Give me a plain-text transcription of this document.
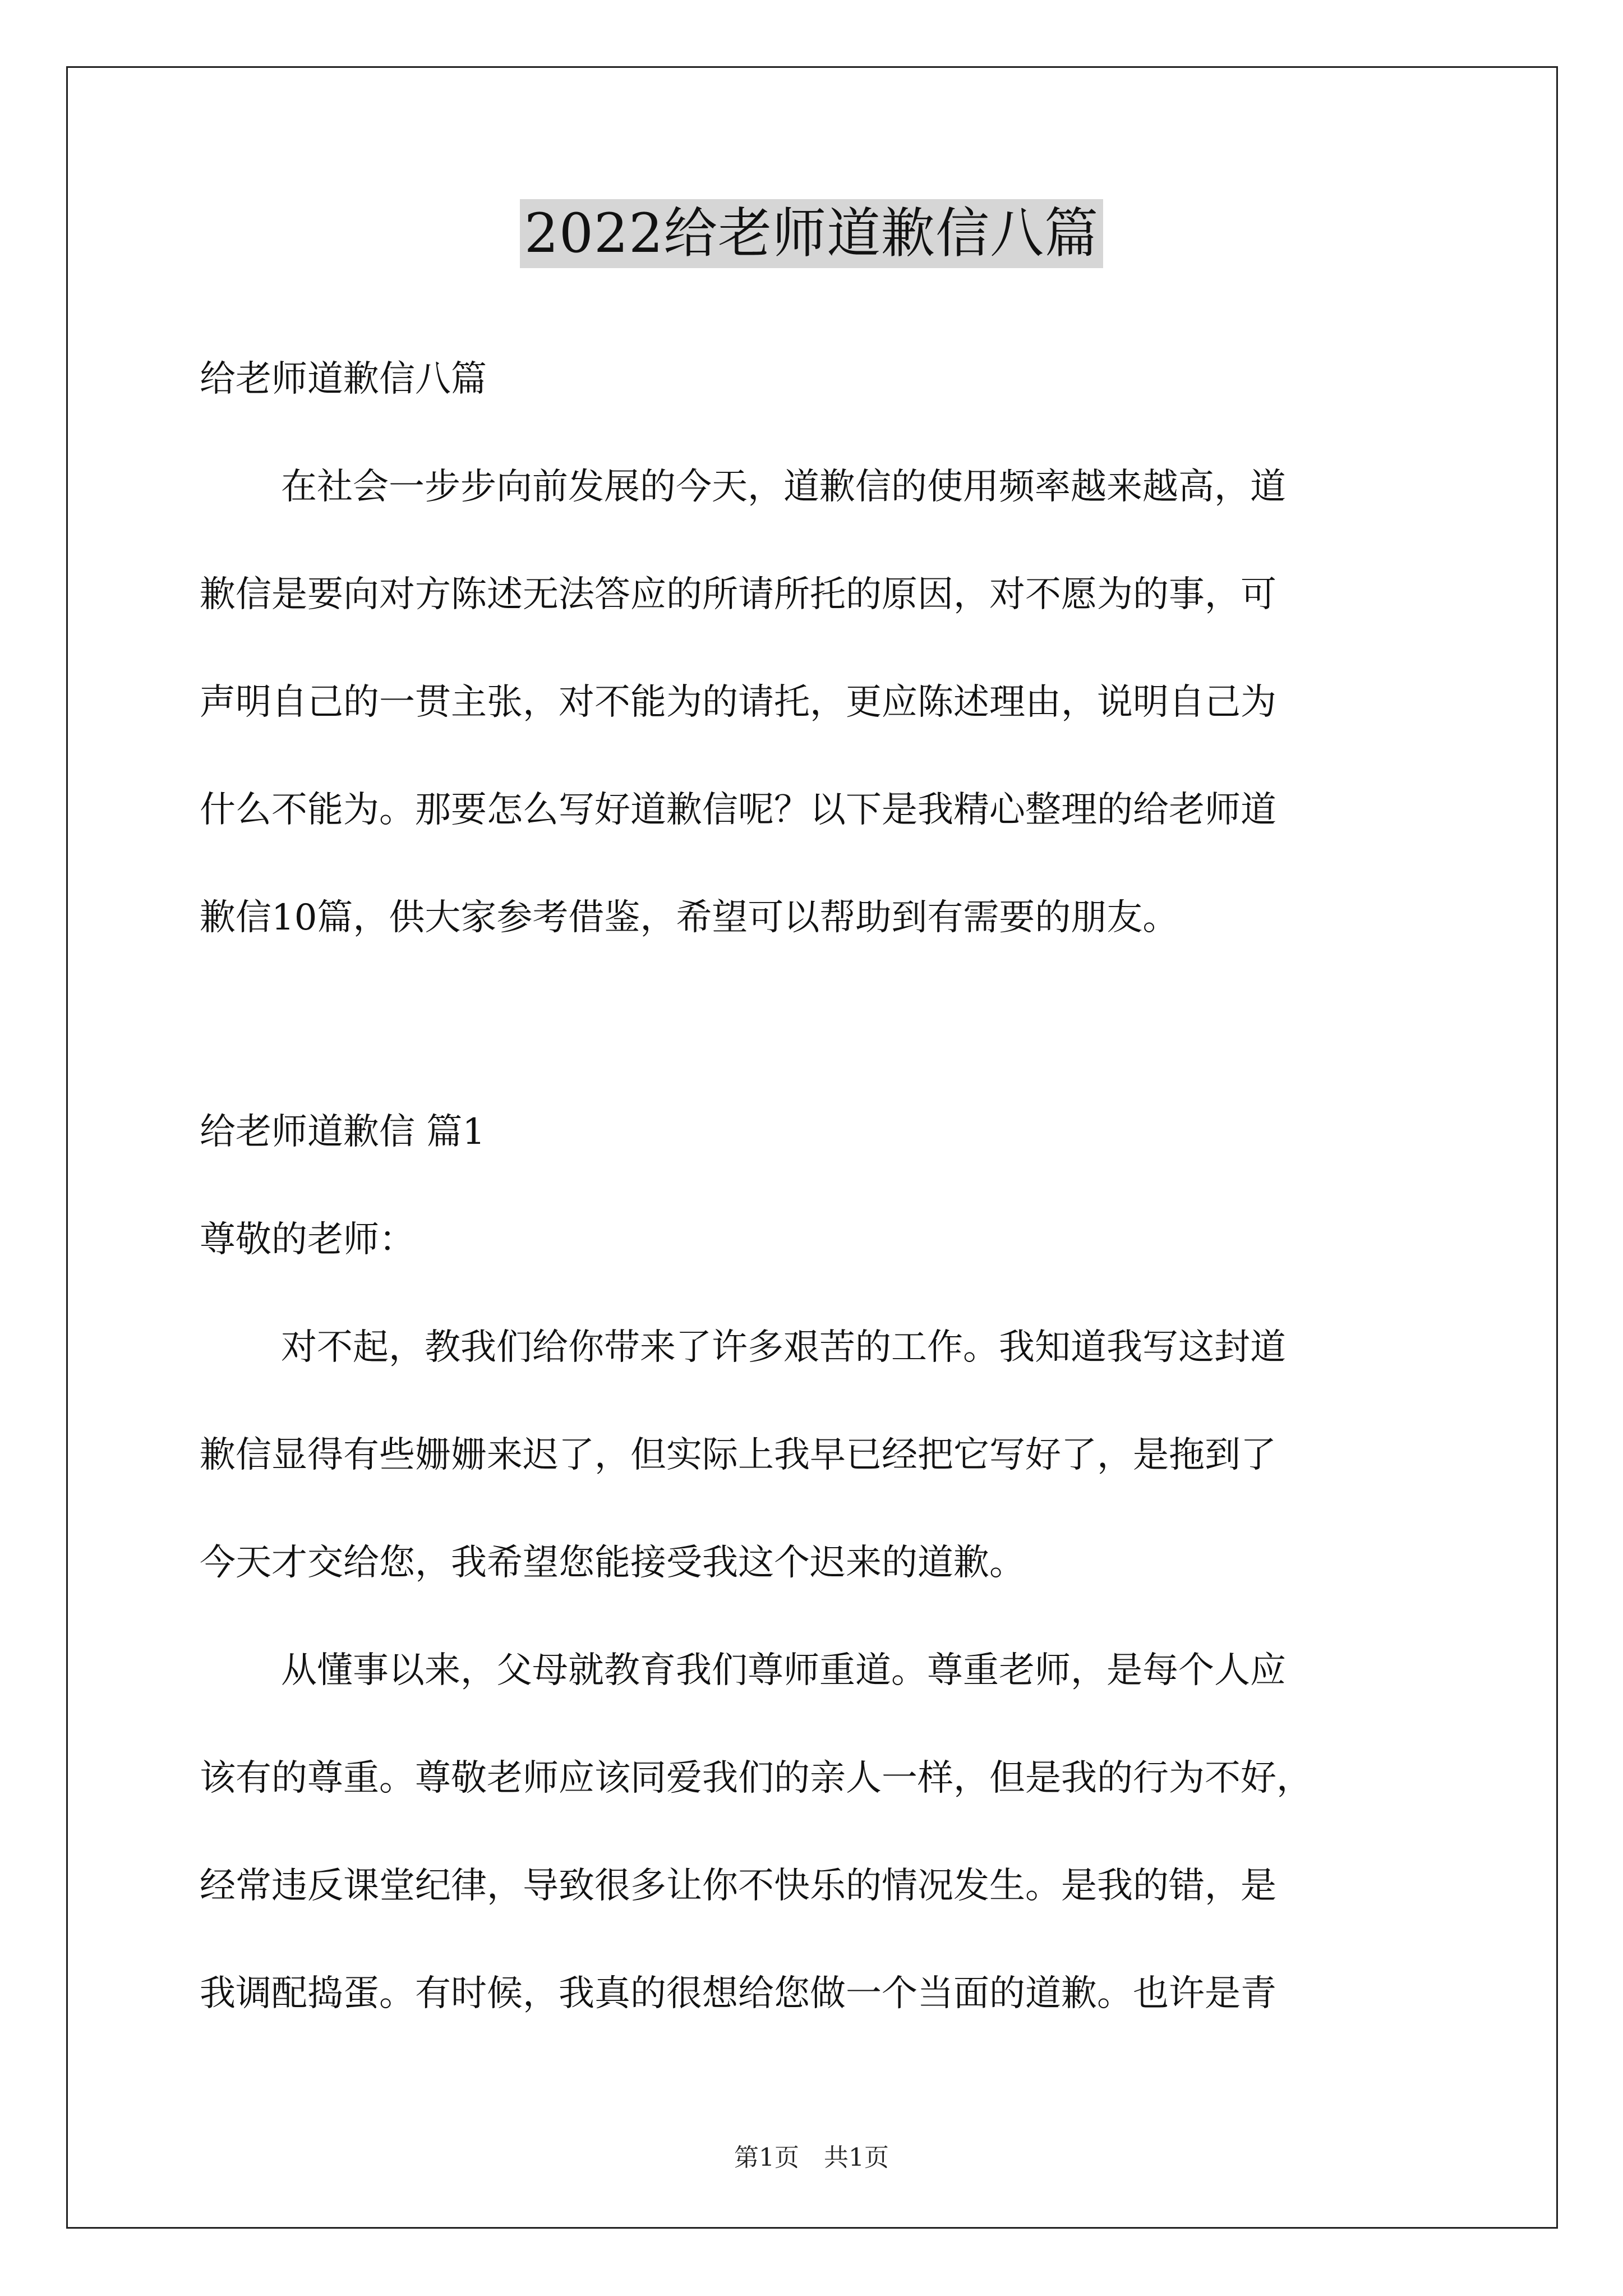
2022给老师道歉信八篇
给老师道歉信八篇
在社会一步步向前发展的今天，道歉信的使用频率越来越高，道
歉信是要向对方陈述无法答应的所请所托的原因，对不愿为的事，可
声明自己的一贯主张，对不能为的请托，更应陈述理由，说明自己为
什么不能为。那要怎么写好道歉信呢？以下是我精心整理的给老师道
歉信10篇，供大家参考借鉴，希望可以帮助到有需要的朋友。
给老师道歉信 篇1
尊敬的老师：
对不起，教我们给你带来了许多艰苦的工作。我知道我写这封道
歉信显得有些姗姗来迟了，但实际上我早已经把它写好了，是拖到了
今天才交给您，我希望您能接受我这个迟来的道歉。
从懂事以来，父母就教育我们尊师重道。尊重老师，是每个人应
该有的尊重。尊敬老师应该同爱我们的亲人一样，但是我的行为不好，
经常违反课堂纪律，导致很多让你不快乐的情况发生。是我的错，是
我调配捣蛋。有时候，我真的很想给您做一个当面的道歉。也许是青
第1页 共1页
